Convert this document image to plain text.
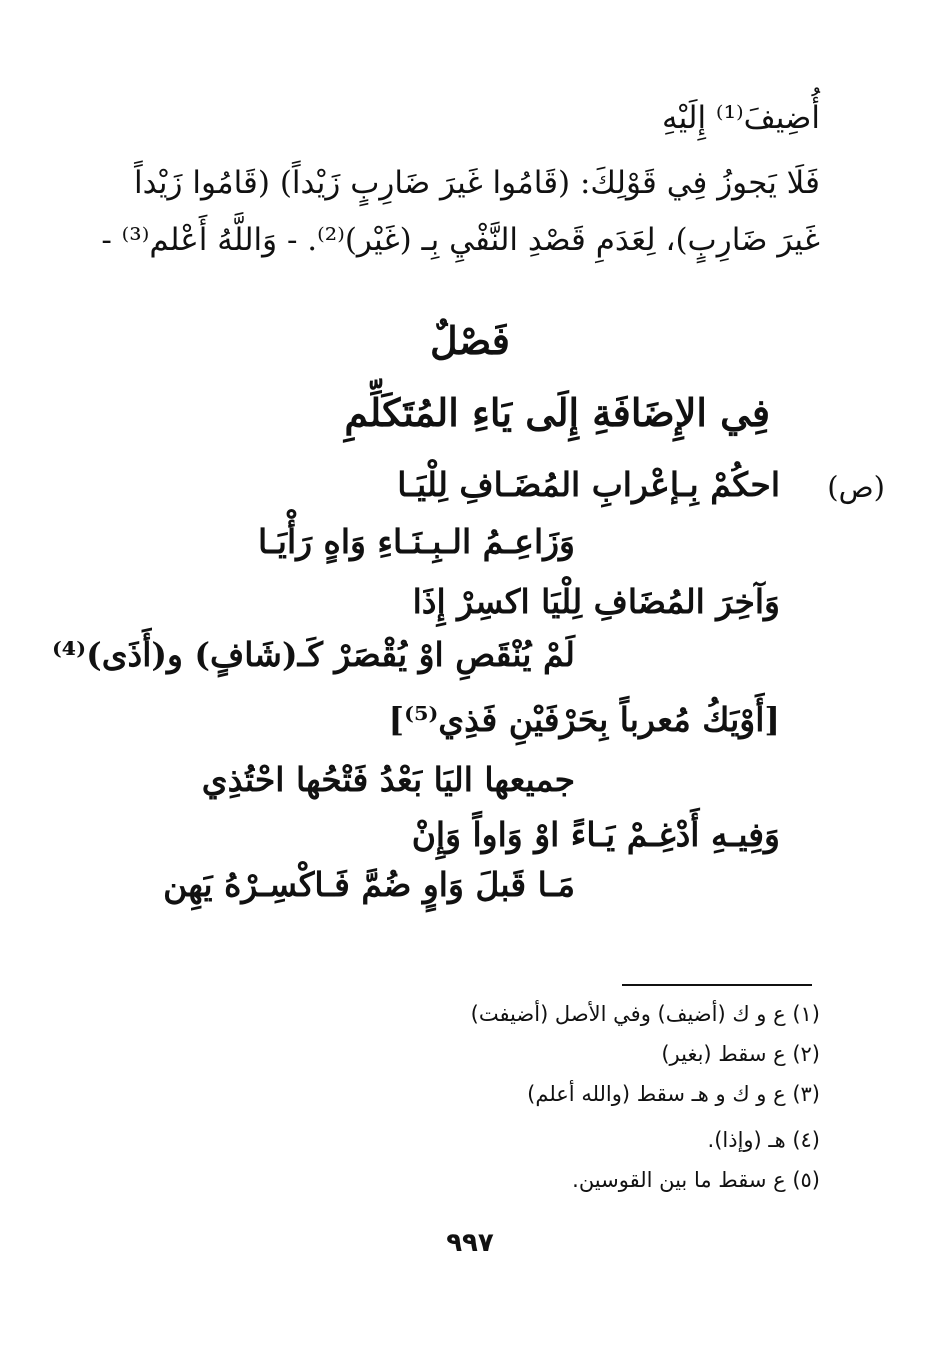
أُضِيفَ⁽¹⁾ إِلَيْهِ
فَلَا يَجوزُ فِي قَوْلِكَ: (قَامُوا غَيرَ ضَارِبٍ زَيْداً) (قَامُوا زَيْداً
غَيرَ ضَارِبٍ)، لِعَدَمِ قَصْدِ النَّفْيِ بِـ (غَيْر)⁽²⁾. - وَاللَّهُ أَعْلم⁽³⁾ -
فَصْلٌ
فِي الإِضَافَةِ إِلَى يَاءِ المُتَكَلِّمِ
(ص)
احكُمْ بِـإعْرابِ المُضَـافِ لِلْيَـا
وَزَاعِـمُ الـبِـنَـاءِ وَاهٍ رَأْيَـا
وَآخِرَ المُضَافِ لِلْيَا اكسِرْ إِذَا
لَمْ يُنْقَصِ اوْ يُقْصَرْ كَـ(شَافٍ) و(أَذَى)⁽⁴⁾
[أَوْيَكُ مُعرباً بِحَرْفَيْنِ فَذِي⁽⁵⁾]
جميعها اليَا بَعْدُ فَتْحُها احْتُذِي
وَفِيـهِ أَدْغِـمْ يَـاءً اوْ وَاواً وَإِنْ
مَـا قَبلَ وَاوٍ ضُمَّ فَـاكْسِـرْهُ يَهِن
(١) ع و ك (أضيف) وفي الأصل (أضيفت)
(٢) ع سقط (بغير)
(٣) ع و ك و هـ سقط (والله أعلم)
(٤) هـ (وإذا).
(٥) ع سقط ما بين القوسين.
٩٩٧
